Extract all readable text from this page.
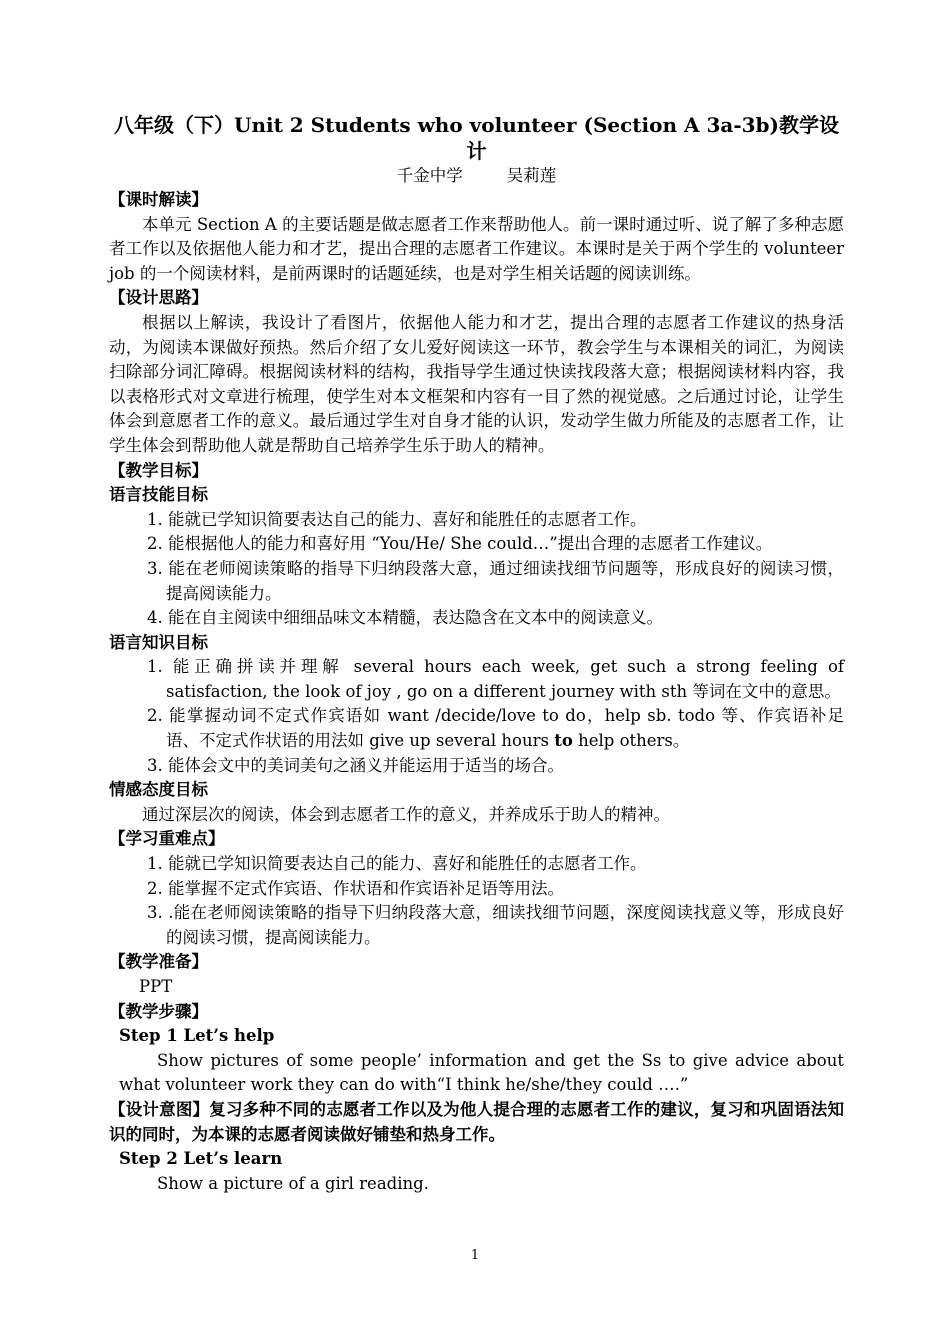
八年级（下）Unit 2 Students who volunteer (Section A 3a-3b)教学设计
千金中学	吴莉莲
【课时解读】
本单元 Section A 的主要话题是做志愿者工作来帮助他人。前一课时通过听、说了解了多种志愿者工作以及依据他人能力和才艺，提出合理的志愿者工作建议。本课时是关于两个学生的 volunteer job 的一个阅读材料，是前两课时的话题延续，也是对学生相关话题的阅读训练。
【设计思路】
根据以上解读，我设计了看图片，依据他人能力和才艺，提出合理的志愿者工作建议的热身活动，为阅读本课做好预热。然后介绍了女儿爱好阅读这一环节，教会学生与本课相关的词汇，为阅读扫除部分词汇障碍。根据阅读材料的结构，我指导学生通过快读找段落大意；根据阅读材料内容，我以表格形式对文章进行梳理，使学生对本文框架和内容有一目了然的视觉感。之后通过讨论，让学生体会到意愿者工作的意义。最后通过学生对自身才能的认识，发动学生做力所能及的志愿者工作，让学生体会到帮助他人就是帮助自己培养学生乐于助人的精神。
【教学目标】
语言技能目标
1. 能就已学知识简要表达自己的能力、喜好和能胜任的志愿者工作。
2. 能根据他人的能力和喜好用 “You/He/ She could…”提出合理的志愿者工作建议。
3. 能在老师阅读策略的指导下归纳段落大意，通过细读找细节问题等，形成良好的阅读习惯，提高阅读能力。
4. 能在自主阅读中细细品味文本精髓，表达隐含在文本中的阅读意义。
语言知识目标
1. 能正确拼读并理解 several hours each week, get such a strong feeling of satisfaction, the look of joy , go on a different journey with sth 等词在文中的意思。
2. 能掌握动词不定式作宾语如 want /decide/love to do，help sb. todo 等、作宾语补足语、不定式作状语的用法如 give up several hours to help others。
3. 能体会文中的美词美句之涵义并能运用于适当的场合。
情感态度目标
通过深层次的阅读，体会到志愿者工作的意义，并养成乐于助人的精神。
【学习重难点】
1. 能就已学知识简要表达自己的能力、喜好和能胜任的志愿者工作。
2. 能掌握不定式作宾语、作状语和作宾语补足语等用法。
3. .能在老师阅读策略的指导下归纳段落大意，细读找细节问题，深度阅读找意义等，形成良好的阅读习惯，提高阅读能力。
【教学准备】
PPT
【教学步骤】
Step 1 Let’s help
Show pictures of some people’ information and get the Ss to give advice about what volunteer work they can do with“I think he/she/they could ….”
【设计意图】复习多种不同的志愿者工作以及为他人提合理的志愿者工作的建议，复习和巩固语法知识的同时，为本课的志愿者阅读做好铺垫和热身工作。
Step 2 Let’s learn
Show a picture of a girl reading.
1
